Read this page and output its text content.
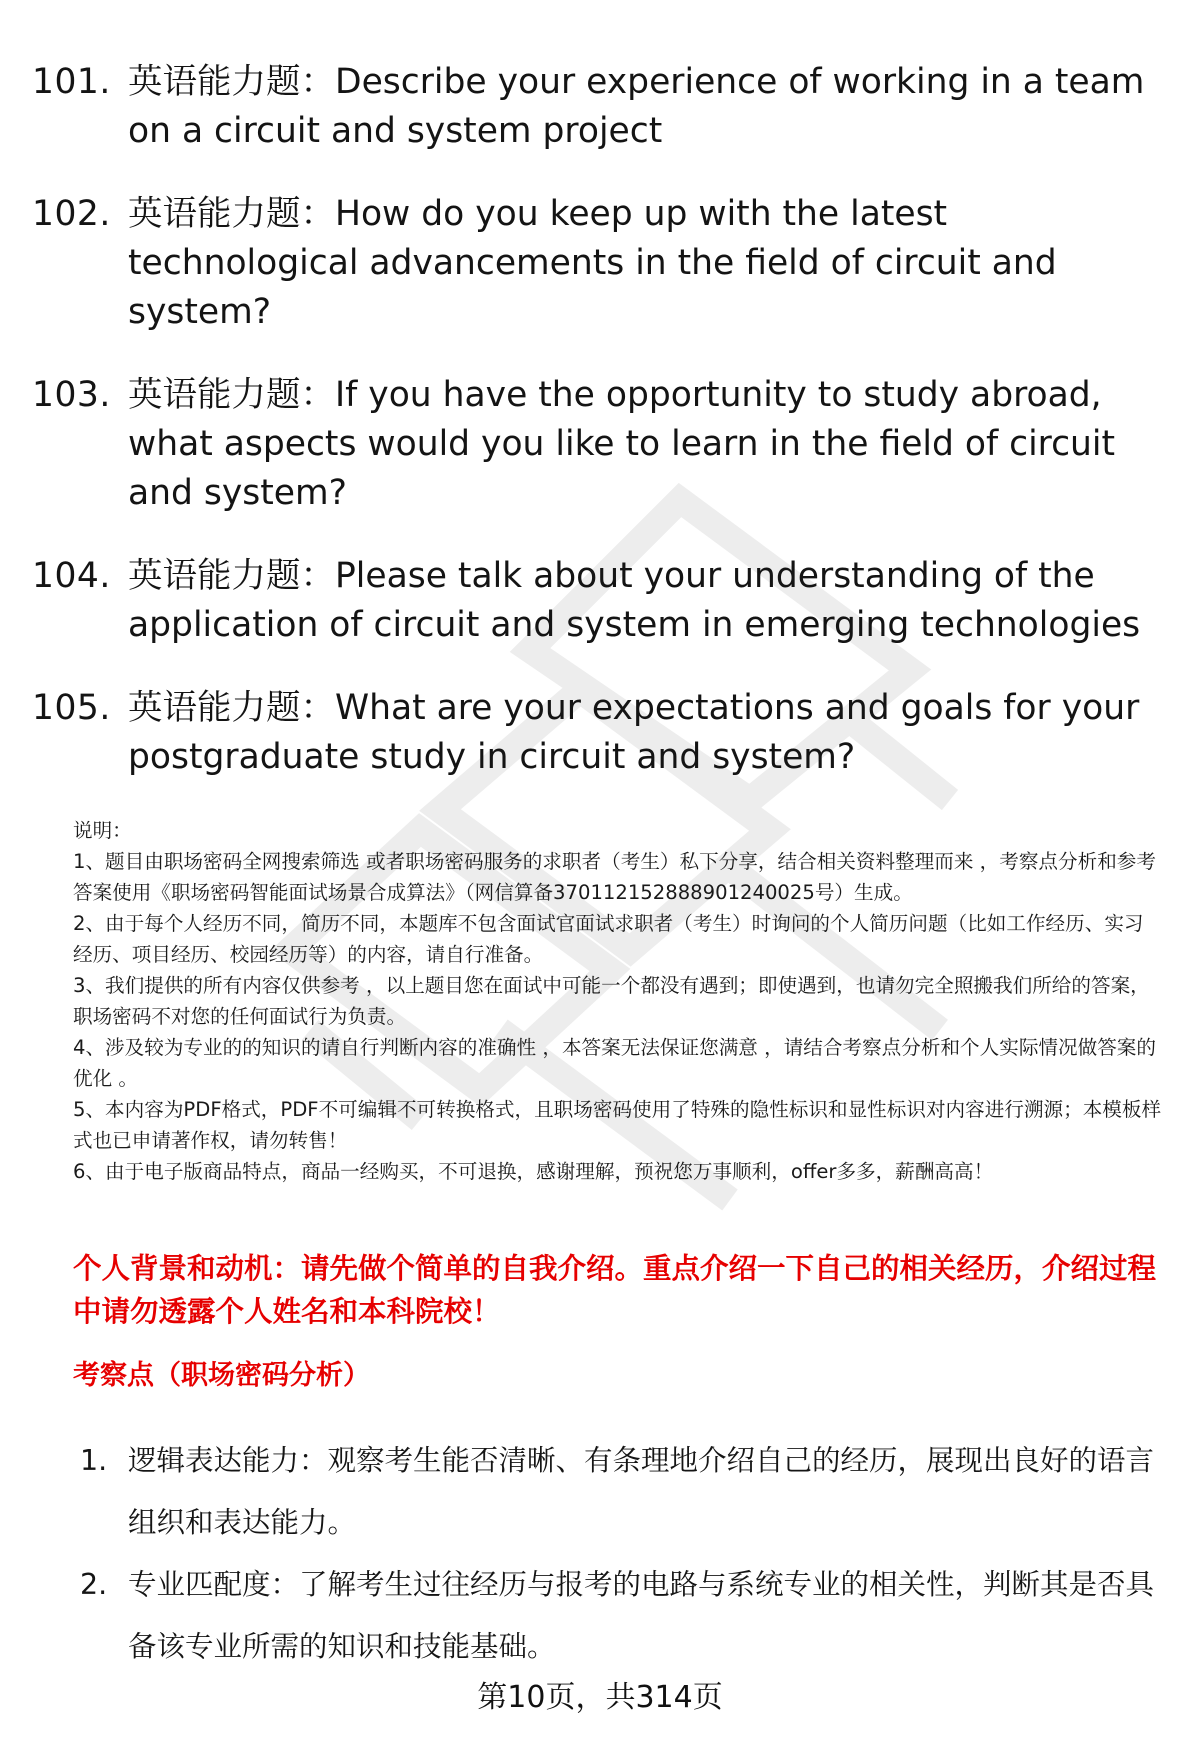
101. 英语能力题：Describe your experience of working in a team on a circuit and system project
102. 英语能力题：How do you keep up with the latest technological advancements in the field of circuit and system?
103. 英语能力题：If you have the opportunity to study abroad, what aspects would you like to learn in the field of circuit and system?
104. 英语能力题：Please talk about your understanding of the application of circuit and system in emerging technologies
105. 英语能力题：What are your expectations and goals for your postgraduate study in circuit and system?

说明：

1、题目由职场密码全网搜索筛选 或者职场密码服务的求职者（考生）私下分享，结合相关资料整理而来 ，考察点分析和参考答案使用《职场密码智能面试场景合成算法》（网信算备370112152888901240025号）生成。

2、由于每个人经历不同，简历不同，本题库不包含面试官面试求职者（考生）时询问的个人简历问题（比如工作经历、实习经历、项目经历、校园经历等）的内容，请自行准备。

3、我们提供的所有内容仅供参考 ，以上题目您在面试中可能一个都没有遇到；即使遇到，也请勿完全照搬我们所给的答案，职场密码不对您的任何面试行为负责。

4、涉及较为专业的的知识的请自行判断内容的准确性 ，本答案无法保证您满意 ，请结合考察点分析和个人实际情况做答案的优化 。

5、本内容为PDF格式，PDF不可编辑不可转换格式，且职场密码使用了特殊的隐性标识和显性标识对内容进行溯源；本模板样式也已申请著作权，请勿转售！

6、由于电子版商品特点，商品一经购买，不可退换，感谢理解，预祝您万事顺利，offer多多，薪酬高高！

个人背景和动机：请先做个简单的自我介绍。重点介绍一下自己的相关经历，介绍过程中请勿透露个人姓名和本科院校！
考察点（职场密码分析）
1. 逻辑表达能力：观察考生能否清晰、有条理地介绍自己的经历，展现出良好的语言组织和表达能力。
2. 专业匹配度：了解考生过往经历与报考的电路与系统专业的相关性，判断其是否具备该专业所需的知识和技能基础。
第10页，共314页
